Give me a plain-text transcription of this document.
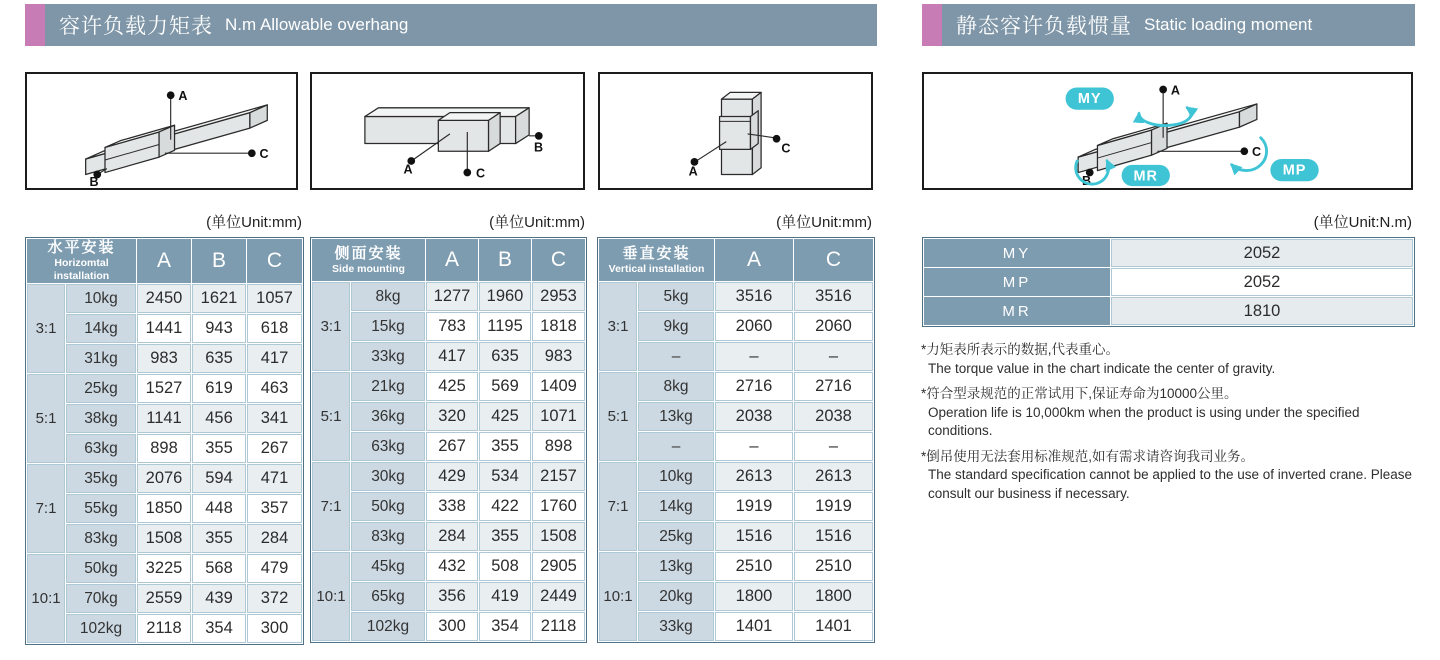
容许负载力矩表 N.m Allowable overhang	静态容许负载惯量 Static loading moment
A
C
B
A	C
B
A
C
A
C
B
MY
MP
MR
(单位Unit:mm)	(单位Unit:mm)	(单位Unit:mm)	(单位Unit:N.m)
水平安装
Horizomtal installation		A	B	C
3:1	10kg	2450	1621	1057
	14kg	1441	943	618
	31kg	983	635	417
5:1	25kg	1527	619	463
	38kg	1141	456	341
	63kg	898	355	267
7:1	35kg	2076	594	471
	55kg	1850	448	357
	83kg	1508	355	284
10:1	50kg	3225	568	479
	70kg	2559	439	372
	102kg	2118	354	300
侧面安装
Side mounting		A	B	C
3:1	8kg	1277	1960	2953
	15kg	783	1195	1818
	33kg	417	635	983
5:1	21kg	425	569	1409
	36kg	320	425	1071
	63kg	267	355	898
7:1	30kg	429	534	2157
	50kg	338	422	1760
	83kg	284	355	1508
10:1	45kg	432	508	2905
	65kg	356	419	2449
	102kg	300	354	2118
垂直安装
Vertical installation		A	C
3:1	5kg	3516	3516
	9kg	2060	2060
	–	–	–
5:1	8kg	2716	2716
	13kg	2038	2038
	–	–	–
7:1	10kg	2613	2613
	14kg	1919	1919
	25kg	1516	1516
10:1	13kg	2510	2510
	20kg	1800	1800
	33kg	1401	1401
MY	2052
MP	2052
MR	1810
*力矩表所表示的数据,代表重心。
The torque value in the chart indicate the center of gravity.
*符合型录规范的正常试用下,保证寿命为10000公里。
Operation life is 10,000km when the product is using under the specified conditions.
*倒吊使用无法套用标准规范,如有需求请咨询我司业务。
The standard specification cannot be applied to the use of inverted crane. Please consult our business if necessary.
